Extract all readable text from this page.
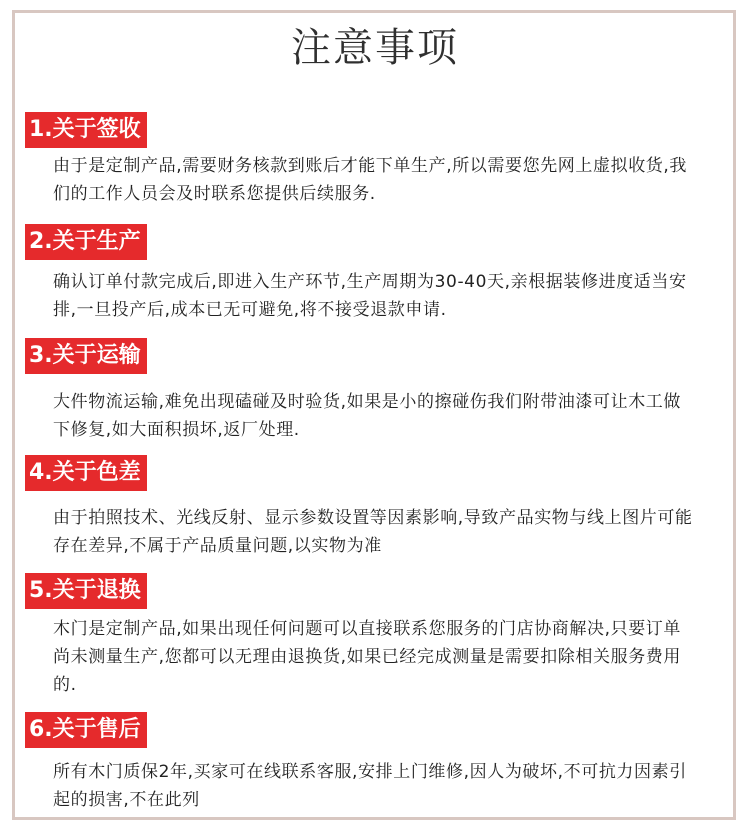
注意事项
1.关于签收
由于是定制产品,需要财务核款到账后才能下单生产,所以需要您先网上虚拟收货,我们的工作人员会及时联系您提供后续服务.
2.关于生产
确认订单付款完成后,即进入生产环节,生产周期为30-40天,亲根据装修进度适当安排,一旦投产后,成本已无可避免,将不接受退款申请.
3.关于运输
大件物流运输,难免出现磕碰及时验货,如果是小的擦碰伤我们附带油漆可让木工做下修复,如大面积损坏,返厂处理.
4.关于色差
由于拍照技术、光线反射、显示参数设置等因素影响,导致产品实物与线上图片可能存在差异,不属于产品质量问题,以实物为准
5.关于退换
木门是定制产品,如果出现任何问题可以直接联系您服务的门店协商解决,只要订单尚未测量生产,您都可以无理由退换货,如果已经完成测量是需要扣除相关服务费用的.
6.关于售后
所有木门质保2年,买家可在线联系客服,安排上门维修,因人为破坏,不可抗力因素引起的损害,不在此列
